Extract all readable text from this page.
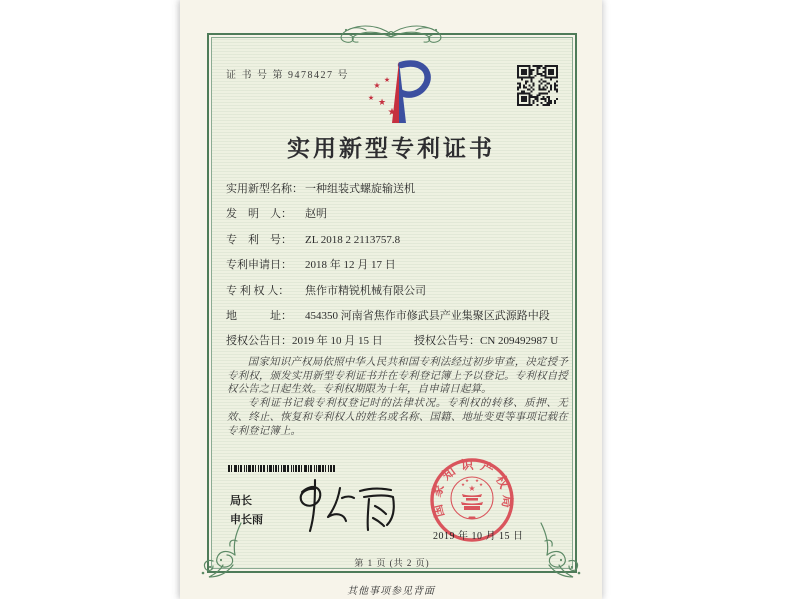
证 书 号 第 9478427 号
★
★
★ ★
★
实用新型专利证书
实用新型名称： 一种组装式螺旋输送机
发　明　人： 赵明
专　利　号： ZL 2018 2 2113757.8
专利申请日： 2018 年 12 月 17 日
专 利 权 人： 焦作市精锐机械有限公司
地　　　址： 454350 河南省焦作市修武县产业集聚区武源路中段
授权公告日：2019 年 10 月 15 日	授权公告号：CN 209492987 U

国家知识产权局依照中华人民共和国专利法经过初步审查，决定授予专利权，颁发实用新型专利证书并在专利登记簿上予以登记。专利权自授权公告之日起生效。专利权期限为十年，自申请日起算。

专利证书记载专利权登记时的法律状况。专利权的转移、质押、无效、终止、恢复和专利权人的姓名或名称、国籍、地址变更等事项记载在专利登记簿上。

局长
申长雨
国家知识产权局
★
★
★ ★
★
2019 年 10 月 15 日
第 1 页 (共 2 页)
其他事项参见背面
